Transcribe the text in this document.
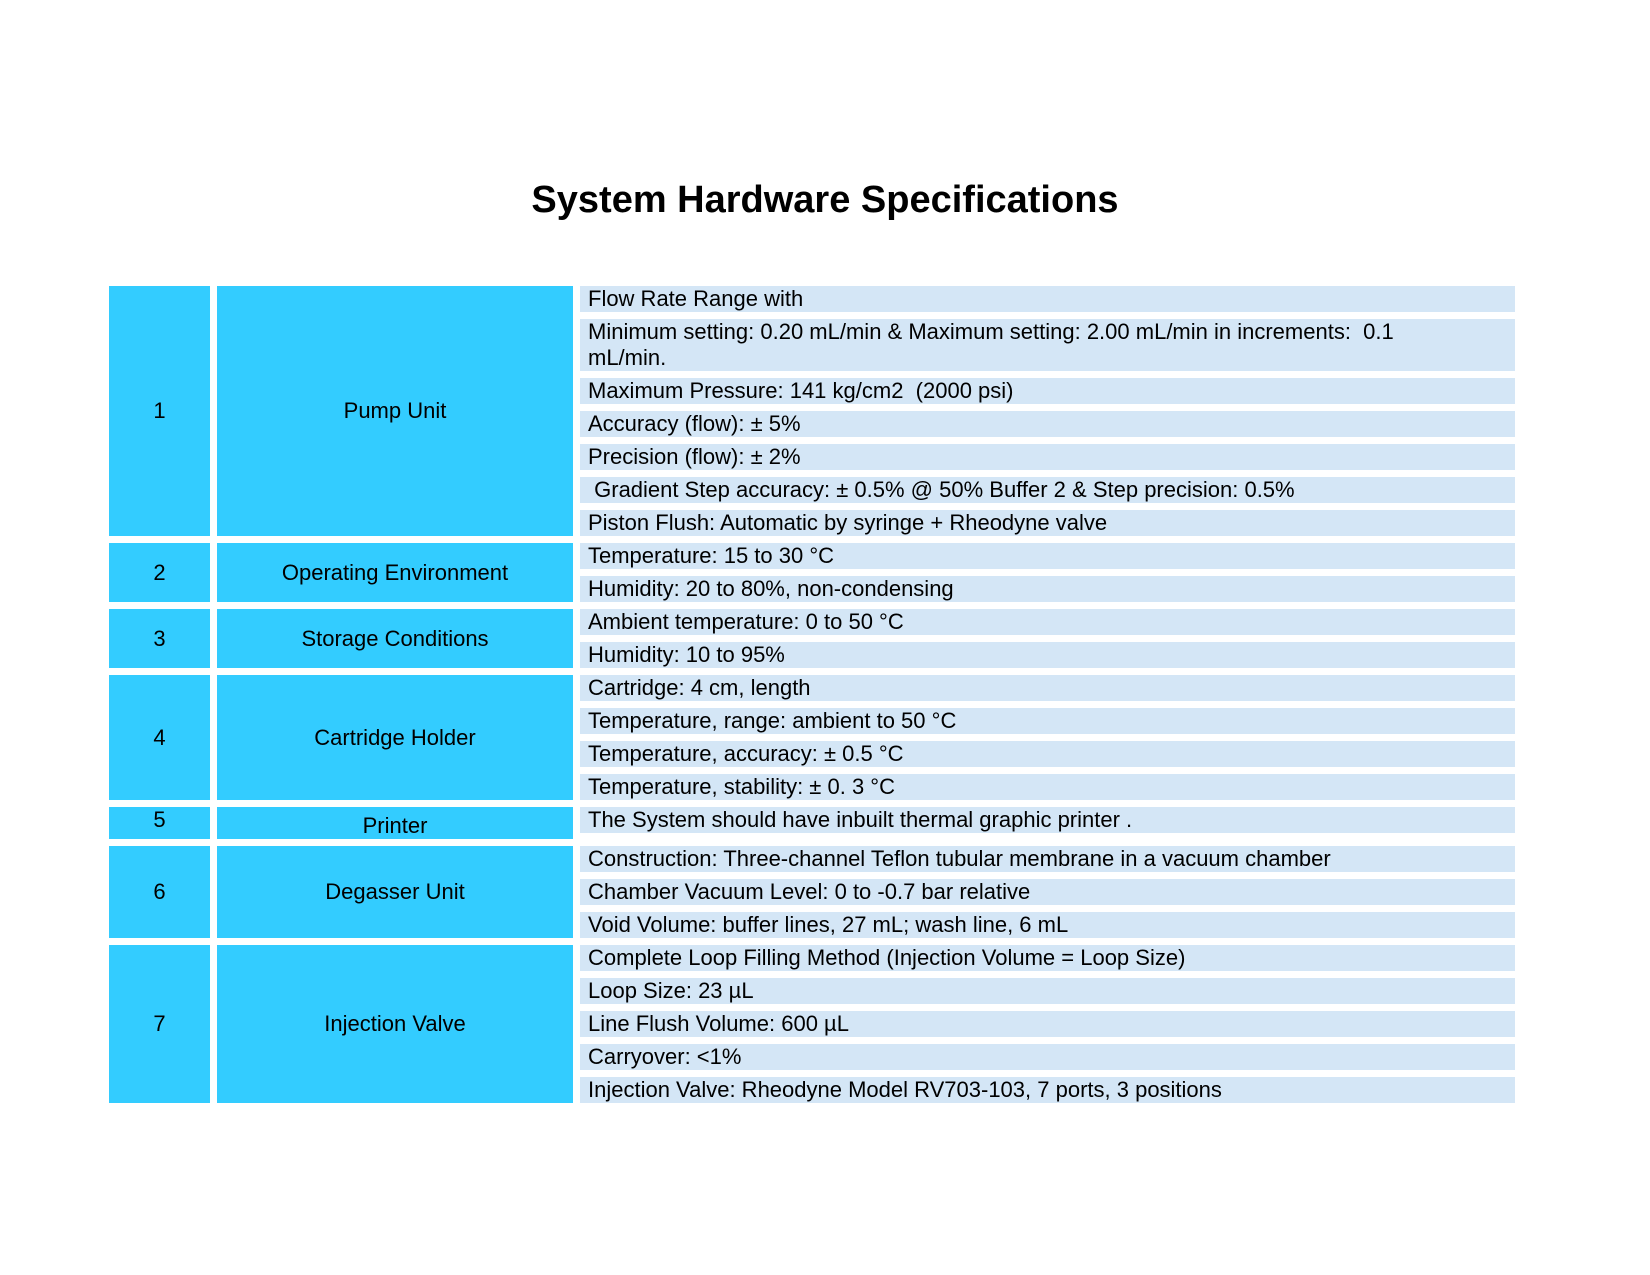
System Hardware Specifications
1	Pump Unit
Flow Rate Range with
Minimum setting: 0.20 mL/min & Maximum setting: 2.00 mL/min in increments:  0.1 mL/min.
Maximum Pressure: 141 kg/cm2  (2000 psi)
Accuracy (flow): ± 5%
Precision (flow): ± 2%
Gradient Step accuracy: ± 0.5% @ 50% Buffer 2 & Step precision: 0.5%
Piston Flush: Automatic by syringe + Rheodyne valve
2	Operating Environment
Temperature: 15 to 30 °C
Humidity: 20 to 80%, non-condensing
3	Storage Conditions
Ambient temperature: 0 to 50 °C
Humidity: 10 to 95%
4	Cartridge Holder
Cartridge: 4 cm, length
Temperature, range: ambient to 50 °C
Temperature, accuracy: ± 0.5 °C
Temperature, stability: ± 0. 3 °C
5	Printer	The System should have inbuilt thermal graphic printer .
6	Degasser Unit
Construction: Three-channel Teflon tubular membrane in a vacuum chamber
Chamber Vacuum Level: 0 to -0.7 bar relative
Void Volume: buffer lines, 27 mL; wash line, 6 mL
7	Injection Valve
Complete Loop Filling Method (Injection Volume = Loop Size)
Loop Size: 23 µL
Line Flush Volume: 600 µL
Carryover: <1%
Injection Valve: Rheodyne Model RV703-103, 7 ports, 3 positions
